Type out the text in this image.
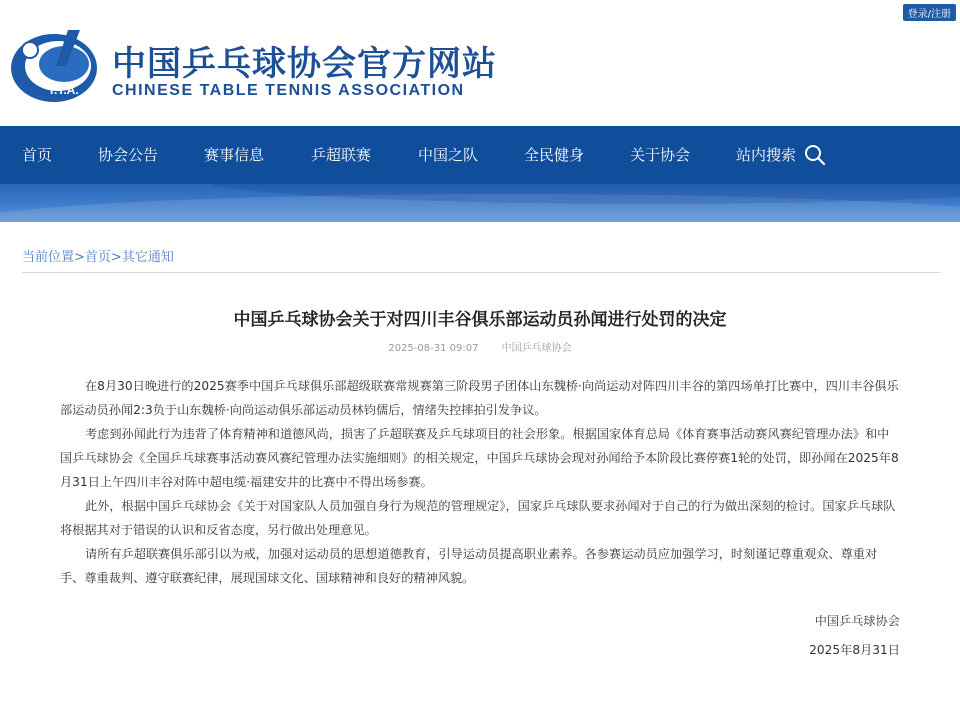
登录/注册
T.T.A.
中国乒乓球协会官方网站
CHINESE TABLE TENNIS ASSOCIATION
首页	协会公告	赛事信息	乒超联赛	中国之队	全民健身	关于协会	站内搜索
当前位置>首页>其它通知
中国乒乓球协会关于对四川丰谷俱乐部运动员孙闻进行处罚的决定
2025-08-31 09:07 中国乒乓球协会

在8月30日晚进行的2025赛季中国乒乓球俱乐部超级联赛常规赛第三阶段男子团体山东魏桥·向尚运动对阵四川丰谷的第四场单打比赛中，四川丰谷俱乐部运动员孙闻2:3负于山东魏桥·向尚运动俱乐部运动员林钧儒后，情绪失控摔拍引发争议。

考虑到孙闻此行为违背了体育精神和道德风尚，损害了乒超联赛及乒乓球项目的社会形象。根据国家体育总局《体育赛事活动赛风赛纪管理办法》和中国乒乓球协会《全国乒乓球赛事活动赛风赛纪管理办法实施细则》的相关规定，中国乒乓球协会现对孙闻给予本阶段比赛停赛1轮的处罚，即孙闻在2025年8月31日上午四川丰谷对阵中超电缆·福建安井的比赛中不得出场参赛。

此外，根据中国乒乓球协会《关于对国家队人员加强自身行为规范的管理规定》，国家乒乓球队要求孙闻对于自己的行为做出深刻的检讨。国家乒乓球队将根据其对于错误的认识和反省态度，另行做出处理意见。

请所有乒超联赛俱乐部引以为戒，加强对运动员的思想道德教育，引导运动员提高职业素养。各参赛运动员应加强学习，时刻谨记尊重观众、尊重对手、尊重裁判、遵守联赛纪律，展现国球文化、国球精神和良好的精神风貌。

中国乒乓球协会
2025年8月31日
